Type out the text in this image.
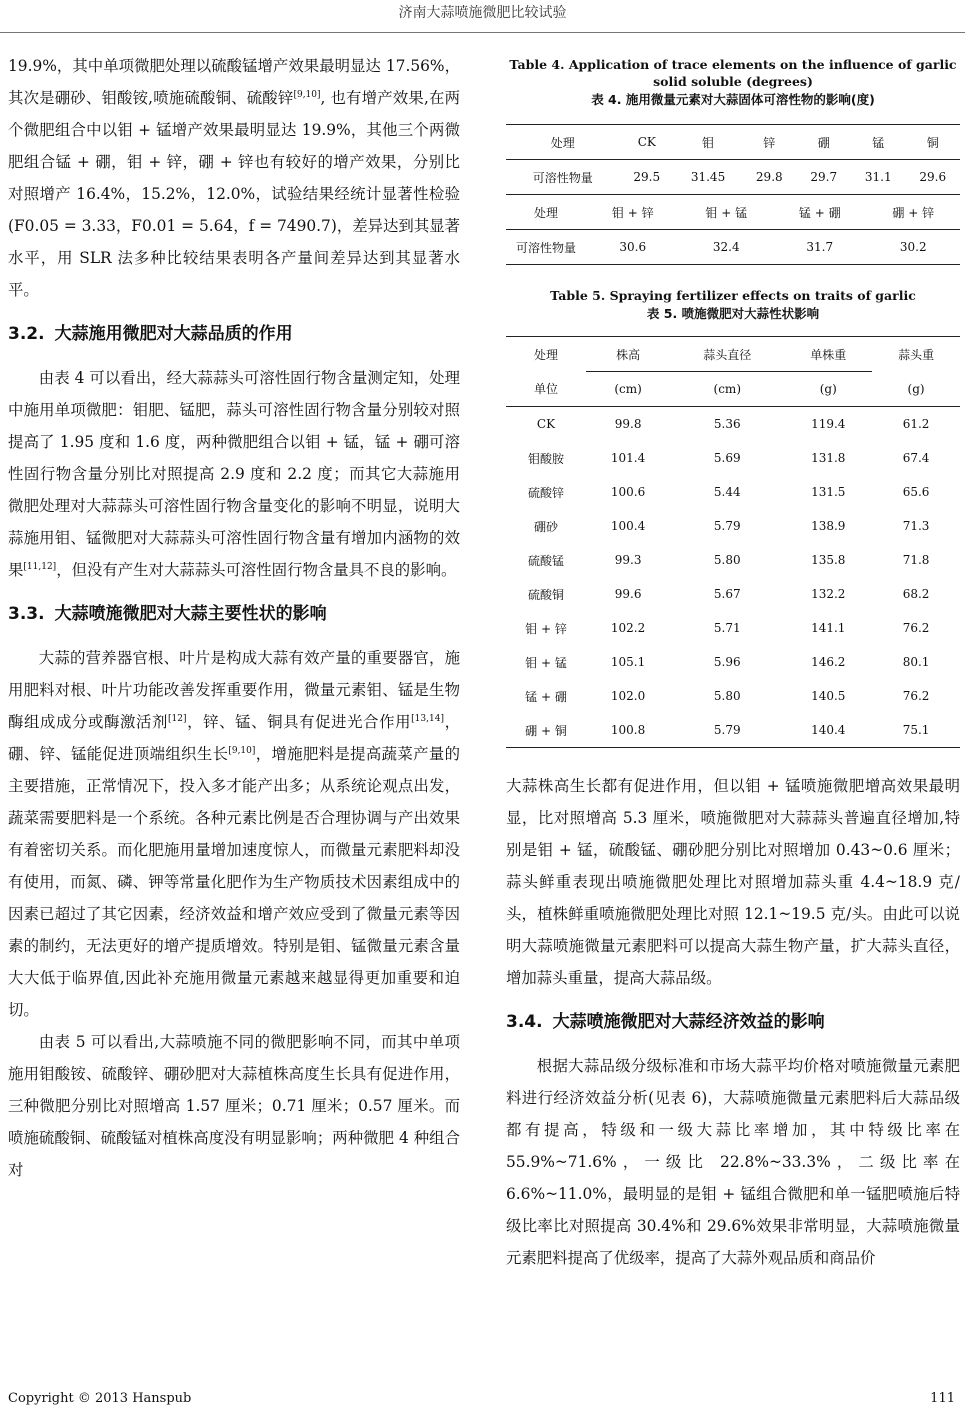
济南大蒜喷施微肥比较试验

19.9%，其中单项微肥处理以硫酸锰增产效果最明显达 17.56%，其次是硼砂、钼酸铵,喷施硫酸铜、硫酸锌[9,10], 也有增产效果,在两个微肥组合中以钼 + 锰增产效果最明显达 19.9%，其他三个两微肥组合锰 + 硼，钼 + 锌，硼 + 锌也有较好的增产效果，分别比对照增产 16.4%，15.2%，12.0%，试验结果经统计显著性检验(F0.05 = 3.33，F0.01 = 5.64，f = 7490.7)，差异达到其显著水平，用 SLR 法多种比较结果表明各产量间差异达到其显著水平。

3.2. 大蒜施用微肥对大蒜品质的作用

由表 4 可以看出，经大蒜蒜头可溶性固行物含量测定知，处理中施用单项微肥：钼肥、锰肥，蒜头可溶性固行物含量分别较对照提高了 1.95 度和 1.6 度，两种微肥组合以钼 + 锰，锰 + 硼可溶性固行物含量分别比对照提高 2.9 度和 2.2 度；而其它大蒜施用微肥处理对大蒜蒜头可溶性固行物含量变化的影响不明显，说明大蒜施用钼、锰微肥对大蒜蒜头可溶性固行物含量有增加内涵物的效果[11,12]，但没有产生对大蒜蒜头可溶性固行物含量具不良的影响。

3.3. 大蒜喷施微肥对大蒜主要性状的影响

大蒜的营养器官根、叶片是构成大蒜有效产量的重要器官，施用肥料对根、叶片功能改善发挥重要作用，微量元素钼、锰是生物酶组成成分或酶激活剂[12]，锌、锰、铜具有促进光合作用[13,14]，硼、锌、锰能促进顶端组织生长[9,10]，增施肥料是提高蔬菜产量的主要措施，正常情况下，投入多才能产出多；从系统论观点出发，蔬菜需要肥料是一个系统。各种元素比例是否合理协调与产出效果有着密切关系。而化肥施用量增加速度惊人，而微量元素肥料却没有使用，而氮、磷、钾等常量化肥作为生产物质技术因素组成中的因素已超过了其它因素，经济效益和增产效应受到了微量元素等因素的制约，无法更好的增产提质增效。特别是钼、锰微量元素含量大大低于临界值,因此补充施用微量元素越来越显得更加重要和迫切。

由表 5 可以看出,大蒜喷施不同的微肥影响不同，而其中单项施用钼酸铵、硫酸锌、硼砂肥对大蒜植株高度生长具有促进作用，三种微肥分别比对照增高 1.57 厘米；0.71 厘米；0.57 厘米。而喷施硫酸铜、硫酸锰对植株高度没有明显影响；两种微肥 4 种组合对

Table 4. Application of trace elements on the influence of garlic solid soluble (degrees)
表 4. 施用微量元素对大蒜固体可溶性物的影响(度)
处理	CK	钼	锌	硼	锰	铜
可溶性物量	29.5	31.45	29.8	29.7	31.1	29.6
处理	钼 + 锌	钼 + 锰	锰 + 硼	硼 + 锌
可溶性物量	30.6	32.4	31.7	30.2
Table 5. Spraying fertilizer effects on traits of garlic
表 5. 喷施微肥对大蒜性状影响
处理	株高	蒜头直径	单株重	蒜头重
单位	(cm)	(cm)	(g)	(g)
CK	99.8	5.36	119.4	61.2
钼酸胺	101.4	5.69	131.8	67.4
硫酸锌	100.6	5.44	131.5	65.6
硼砂	100.4	5.79	138.9	71.3
硫酸锰	99.3	5.80	135.8	71.8
硫酸铜	99.6	5.67	132.2	68.2
钼 + 锌	102.2	5.71	141.1	76.2
钼 + 锰	105.1	5.96	146.2	80.1
锰 + 硼	102.0	5.80	140.5	76.2
硼 + 铜	100.8	5.79	140.4	75.1

大蒜株高生长都有促进作用，但以钼 + 锰喷施微肥增高效果最明显，比对照增高 5.3 厘米，喷施微肥对大蒜蒜头普遍直径增加,特别是钼 + 锰，硫酸锰、硼砂肥分别比对照增加 0.43~0.6 厘米；蒜头鲜重表现出喷施微肥处理比对照增加蒜头重 4.4~18.9 克/头，植株鲜重喷施微肥处理比对照 12.1~19.5 克/头。由此可以说明大蒜喷施微量元素肥料可以提高大蒜生物产量，扩大蒜头直径，增加蒜头重量，提高大蒜品级。

3.4. 大蒜喷施微肥对大蒜经济效益的影响

根据大蒜品级分级标准和市场大蒜平均价格对喷施微量元素肥料进行经济效益分析(见表 6)，大蒜喷施微量元素肥料后大蒜品级都有提高，特级和一级大蒜比率增加，其中特级比率在 55.9%~71.6%，一级比 22.8%~33.3%，二级比率在 6.6%~11.0%，最明显的是钼 + 锰组合微肥和单一锰肥喷施后特级比率比对照提高 30.4%和 29.6%效果非常明显，大蒜喷施微量元素肥料提高了优级率，提高了大蒜外观品质和商品价

Copyright © 2013 Hanspub	111
